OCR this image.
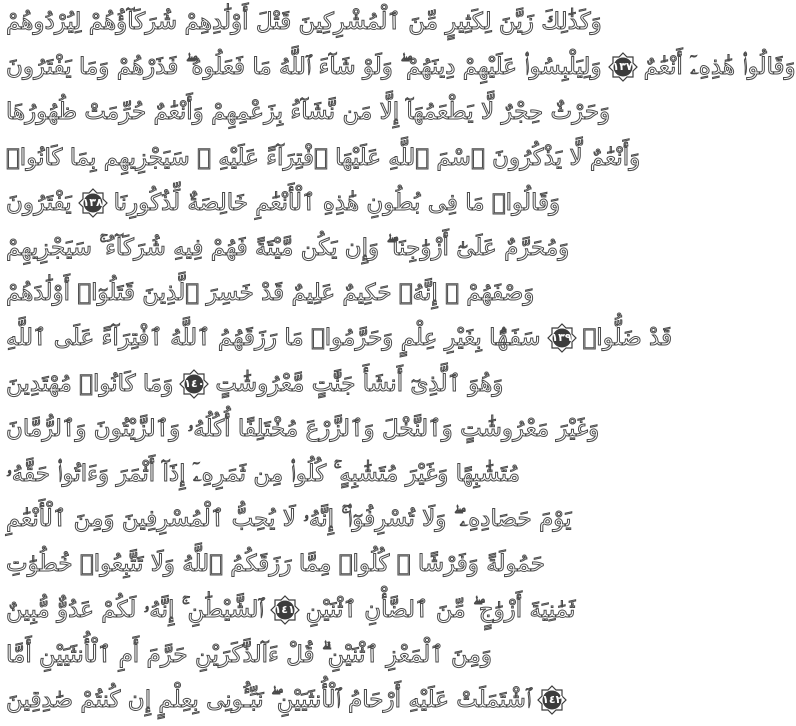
وَكَذَٰلِكَ زَيَّنَ لِكَثِيرٍ مِّنَ ٱلْمُشْرِكِينَ قَتْلَ أَوْلَٰدِهِمْ شُرَكَآؤُهُمْ لِيُرْدُوهُمْ
وَلِيَلْبِسُوا۟ عَلَيْهِمْ دِينَهُمْ ۖ وَلَوْ شَآءَ ٱللَّهُ مَا فَعَلُوهُ ۖ فَذَرْهُمْ وَمَا يَفْتَرُونَ ١٣٧ وَقَالُوا۟ هَٰذِهِۦٓ أَنْعَٰمٌ
وَحَرْثٌ حِجْرٌ لَّا يَطْعَمُهَآ إِلَّا مَن نَّشَآءُ بِزَعْمِهِمْ وَأَنْعَٰمٌ حُرِّمَتْ ظُهُورُهَا
وَأَنْعَٰمٌ لَّا يَذْكُرُونَ ٱسْمَ ٱللَّهِ عَلَيْهَا ٱفْتِرَآءً عَلَيْهِ ۚ سَيَجْزِيهِم بِمَا كَانُوا۟
يَفْتَرُونَ ١٣٨ وَقَالُوا۟ مَا فِى بُطُونِ هَٰذِهِ ٱلْأَنْعَٰمِ خَالِصَةٌ لِّذُكُورِنَا
وَمُحَرَّمٌ عَلَىٰٓ أَزْوَٰجِنَا ۖ وَإِن يَكُن مَّيْتَةً فَهُمْ فِيهِ شُرَكَآءُ ۚ سَيَجْزِيهِمْ
وَصْفَهُمْ ۚ إِنَّهُۥ حَكِيمٌ عَلِيمٌ قَدْ خَسِرَ ٱلَّذِينَ قَتَلُوٓا۟ أَوْلَٰدَهُمْ
سَفَهًۢا بِغَيْرِ عِلْمٍ وَحَرَّمُوا۟ مَا رَزَقَهُمُ ٱللَّهُ ٱفْتِرَآءً عَلَى ٱللَّهِ ١٣٩ قَدْ ضَلُّوا۟
وَمَا كَانُوا۟ مُهْتَدِينَ ١٤٠ وَهُوَ ٱلَّذِىٓ أَنشَأَ جَنَّٰتٍ مَّعْرُوشَٰتٍ
وَغَيْرَ مَعْرُوشَٰتٍ وَٱلنَّخْلَ وَٱلزَّرْعَ مُخْتَلِفًا أُكُلُهُۥ وَٱلزَّيْتُونَ وَٱلرُّمَّانَ
مُتَشَٰبِهًا وَغَيْرَ مُتَشَٰبِهٍ ۚ كُلُوا۟ مِن ثَمَرِهِۦٓ إِذَآ أَثْمَرَ وَءَاتُوا۟ حَقَّهُۥ
يَوْمَ حَصَادِهِۦ ۖ وَلَا تُسْرِفُوٓا۟ ۚ إِنَّهُۥ لَا يُحِبُّ ٱلْمُسْرِفِينَ وَمِنَ ٱلْأَنْعَٰمِ
حَمُولَةً وَفَرْشًا ۚ كُلُوا۟ مِمَّا رَزَقَكُمُ ٱللَّهُ وَلَا تَتَّبِعُوا۟ خُطُوَٰتِ
ٱلشَّيْطَٰنِ ۚ إِنَّهُۥ لَكُمْ عَدُوٌّ مُّبِينٌ ١٤١ ثَمَٰنِيَةَ أَزْوَٰجٍ ۖ مِّنَ ٱلضَّأْنِ ٱثْنَيْنِ
وَمِنَ ٱلْمَعْزِ ٱثْنَيْنِ ۗ قُلْ ءَآلذَّكَرَيْنِ حَرَّمَ أَمِ ٱلْأُنثَيَيْنِ أَمَّا
ٱشْتَمَلَتْ عَلَيْهِ أَرْحَامُ ٱلْأُنثَيَيْنِ ۖ نَبِّـُٔونِى بِعِلْمٍ إِن كُنتُمْ صَٰدِقِينَ ١٤٢
